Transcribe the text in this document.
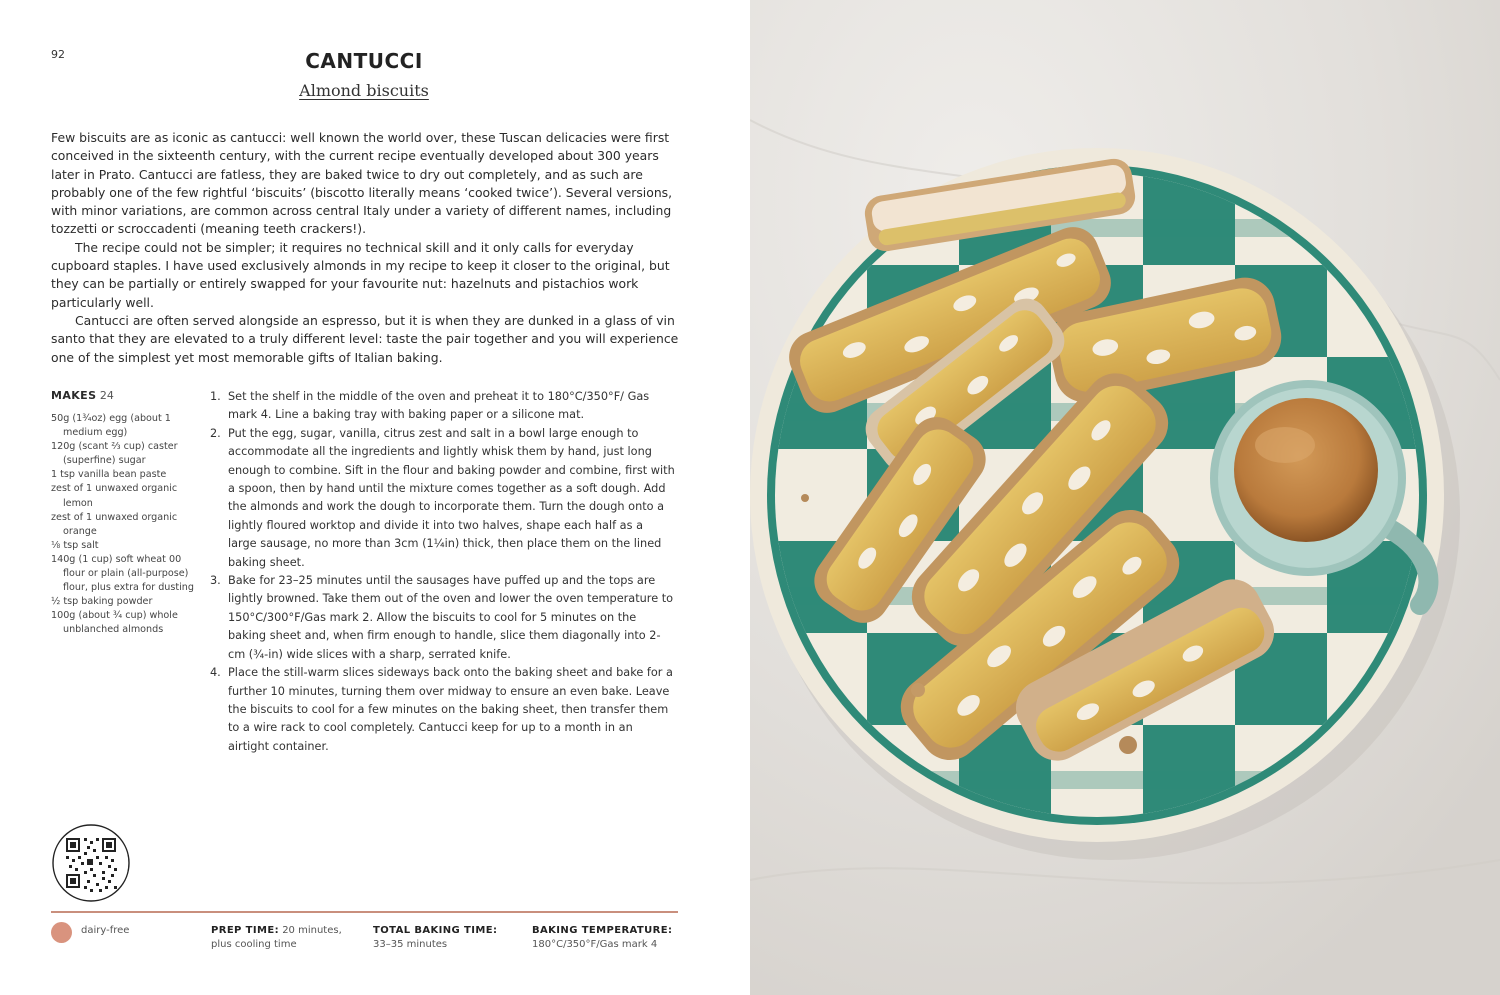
92	CANTUCCI
Almond biscuits

Few biscuits are as iconic as cantucci: well known the world over, these Tuscan delicacies were first conceived in the sixteenth century, with the current recipe eventually developed about 300 years later in Prato. Cantucci are fatless, they are baked twice to dry out completely, and as such are probably one of the few rightful ‘biscuits’ (biscotto literally means ‘cooked twice’). Several versions, with minor variations, are common across central Italy under a variety of different names, including tozzetti or scroccadenti (meaning teeth crackers!).

The recipe could not be simpler; it requires no technical skill and it only calls for everyday cupboard staples. I have used exclusively almonds in my recipe to keep it closer to the original, but they can be partially or entirely swapped for your favourite nut: hazelnuts and pistachios work particularly well.

Cantucci are often served alongside an espresso, but it is when they are dunked in a glass of vin santo that they are elevated to a truly different level: taste the pair together and you will experience one of the simplest yet most memorable gifts of Italian baking.

MAKES 24
50g (1¾oz) egg (about 1 medium egg)
120g (scant ⅔ cup) caster (superfine) sugar
1 tsp vanilla bean paste
zest of 1 unwaxed organic lemon
zest of 1 unwaxed organic orange
⅛ tsp salt
140g (1 cup) soft wheat 00 flour or plain (all-purpose) flour, plus extra for dusting
½ tsp baking powder
100g (about ¾ cup) whole unblanched almonds
1. Set the shelf in the middle of the oven and preheat it to 180°C/350°F/ Gas mark 4. Line a baking tray with baking paper or a silicone mat.
2. Put the egg, sugar, vanilla, citrus zest and salt in a bowl large enough to accommodate all the ingredients and lightly whisk them by hand, just long enough to combine. Sift in the flour and baking powder and combine, first with a spoon, then by hand until the mixture comes together as a soft dough. Add the almonds and work the dough to incorporate them. Turn the dough onto a lightly floured worktop and divide it into two halves, shape each half as a large sausage, no more than 3cm (1¼in) thick, then place them on the lined baking sheet.
3. Bake for 23–25 minutes until the sausages have puffed up and the tops are lightly browned. Take them out of the oven and lower the oven temperature to 150°C/300°F/Gas mark 2. Allow the biscuits to cool for 5 minutes on the baking sheet and, when firm enough to handle, slice them diagonally into 2-cm (¾-in) wide slices with a sharp, serrated knife.
4. Place the still-warm slices sideways back onto the baking sheet and bake for a further 10 minutes, turning them over midway to ensure an even bake. Leave the biscuits to cool for a few minutes on the baking sheet, then transfer them to a wire rack to cool completely. Cantucci keep for up to a month in an airtight container.
dairy-free	PREP TIME: 20 minutes, plus cooling time
TOTAL BAKING TIME:
33–35 minutes
BAKING TEMPERATURE:
180°C/350°F/Gas mark 4
